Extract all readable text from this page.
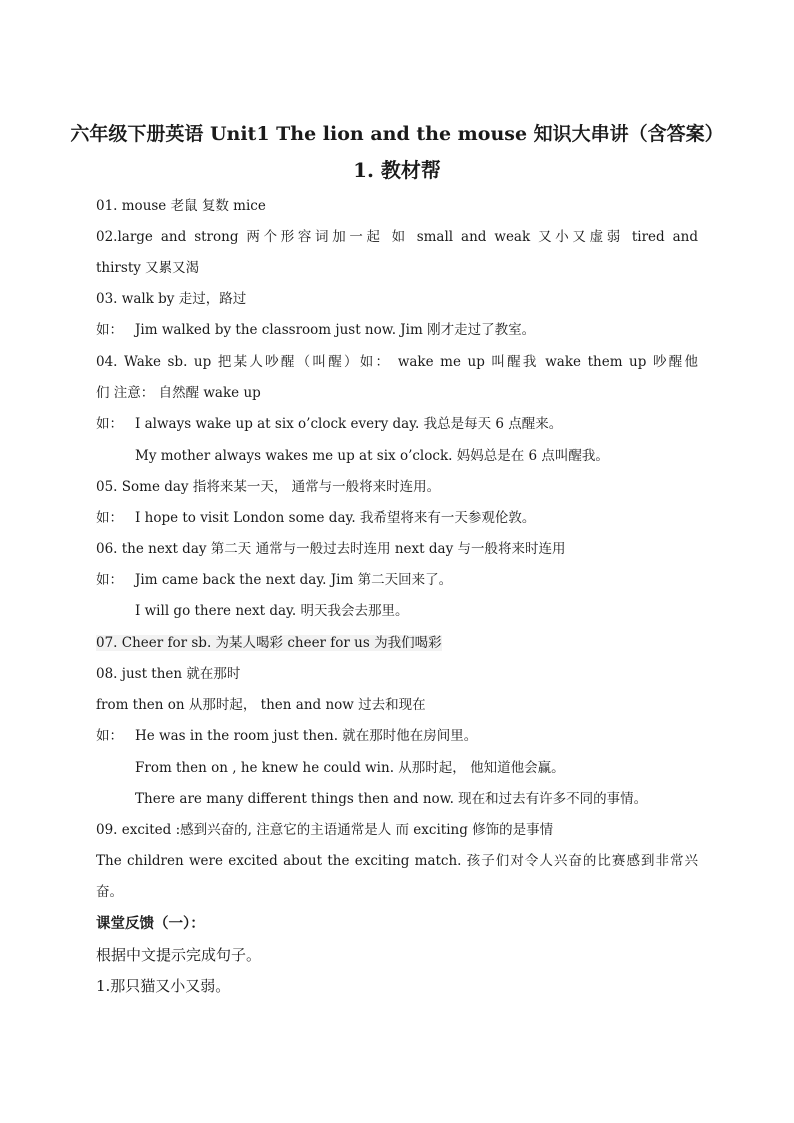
六年级下册英语 Unit1 The lion and the mouse 知识大串讲（含答案）
1. 教材帮
01. mouse 老鼠 复数 mice
02.large and strong 两个形容词加一起 如 small and weak 又小又虚弱 tired and
thirsty 又累又渴
03. walk by 走过，路过
如： Jim walked by the classroom just now. Jim 刚才走过了教室。
04. Wake sb. up 把某人吵醒（叫醒）如： wake me up 叫醒我 wake them up 吵醒他
们 注意： 自然醒 wake up
如： I always wake up at six o’clock every day. 我总是每天 6 点醒来。
My mother always wakes me up at six o’clock. 妈妈总是在 6 点叫醒我。
05. Some day 指将来某一天， 通常与一般将来时连用。
如： I hope to visit London some day. 我希望将来有一天参观伦敦。
06. the next day 第二天 通常与一般过去时连用 next day 与一般将来时连用
如： Jim came back the next day. Jim 第二天回来了。
I will go there next day. 明天我会去那里。
07. Cheer for sb. 为某人喝彩 cheer for us 为我们喝彩
08. just then 就在那时
from then on 从那时起， then and now 过去和现在
如： He was in the room just then. 就在那时他在房间里。
From then on , he knew he could win. 从那时起， 他知道他会赢。
There are many different things then and now. 现在和过去有许多不同的事情。
09. excited :感到兴奋的, 注意它的主语通常是人 而 exciting 修饰的是事情
The children were excited about the exciting match. 孩子们对令人兴奋的比赛感到非常兴
奋。
课堂反馈（一）：
根据中文提示完成句子。
1.那只猫又小又弱。
